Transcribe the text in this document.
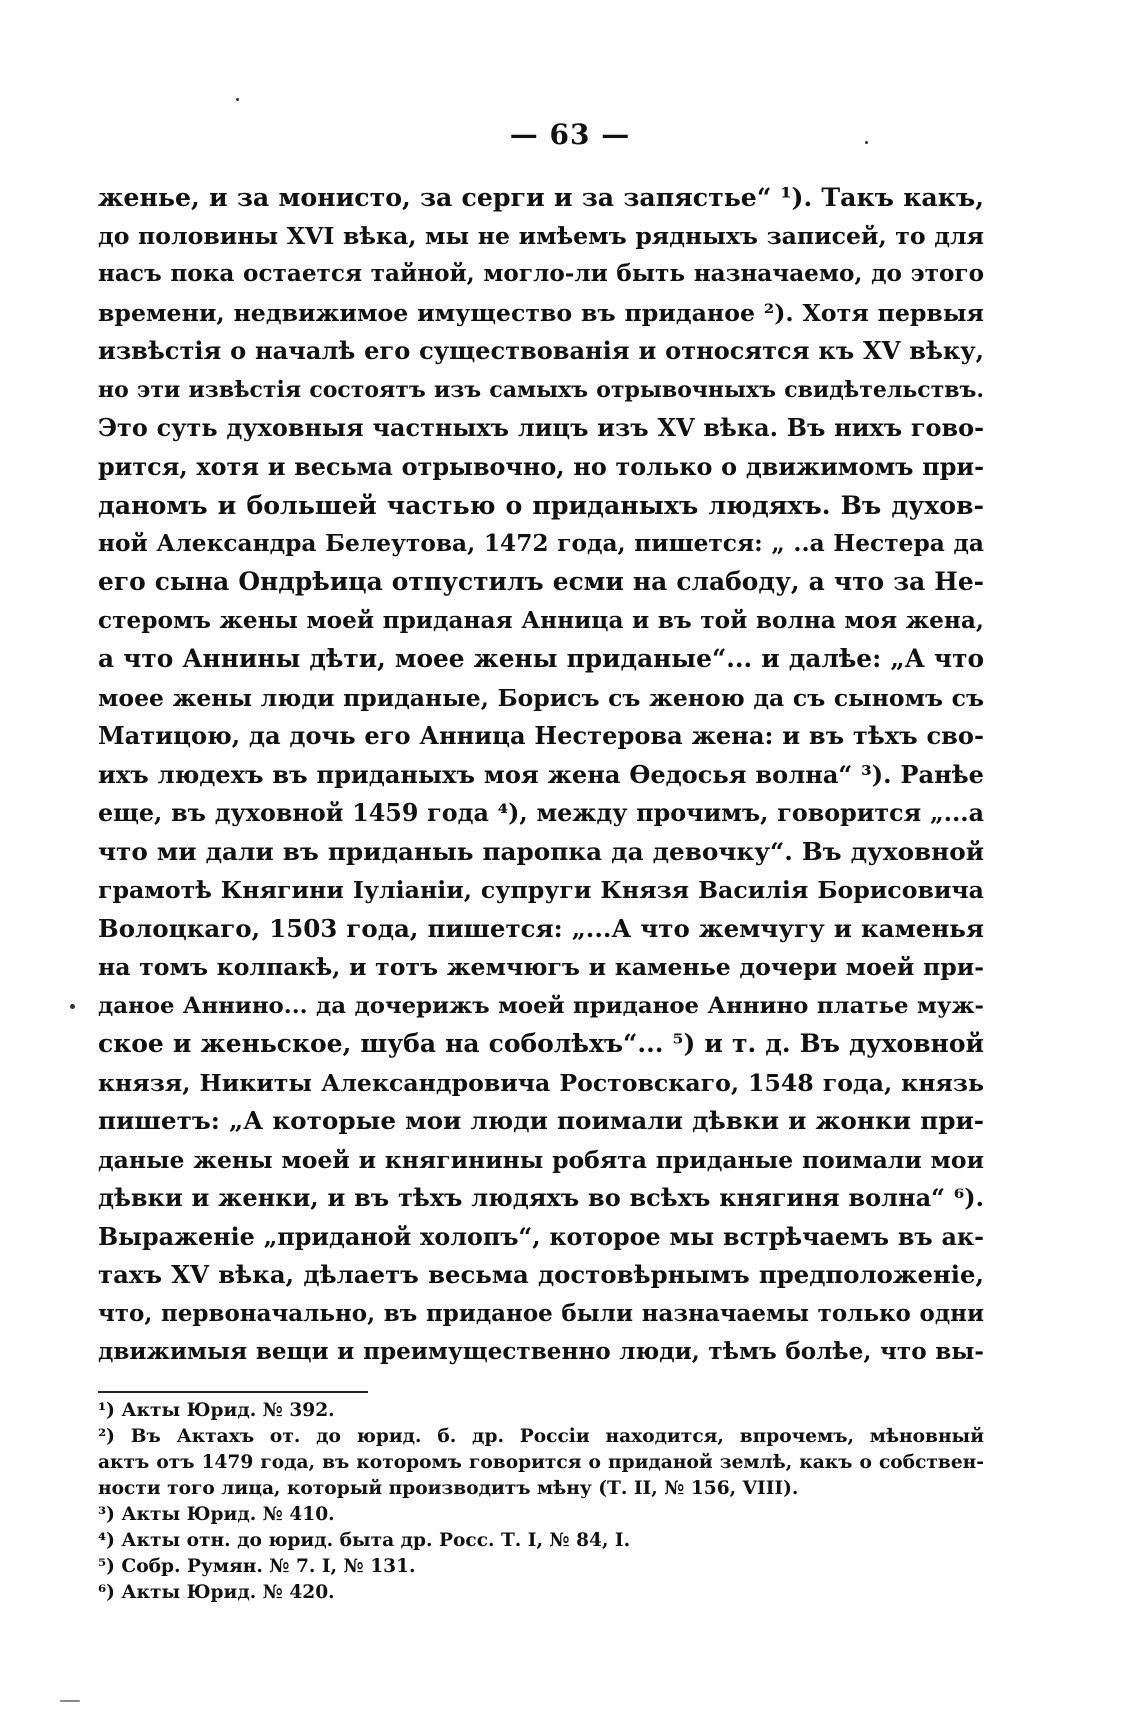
— 63 —
женье, и за монисто, за серги и за запястье“ ¹). Такъ какъ,
до половины XVI вѣка, мы не имѣемъ рядныхъ записей, то для
насъ пока остается тайной, могло-ли быть назначаемо, до этого
времени, недвижимое имущество въ приданое ²). Хотя первыя
извѣстія о началѣ его существованія и относятся къ XV вѣку,
но эти извѣстія состоятъ изъ самыхъ отрывочныхъ свидѣтельствъ.
Это суть духовныя частныхъ лицъ изъ XV вѣка. Въ нихъ гово-
рится, хотя и весьма отрывочно, но только о движимомъ при-
даномъ и большей частью о приданыхъ людяхъ. Въ духов-
ной Александра Белеутова, 1472 года, пишется: „ ..а Нестера да
его сына Ондрѣица отпустилъ есми на слабоду, а что за Не-
стеромъ жены моей приданая Анница и въ той волна моя жена,
а что Аннины дѣти, моее жены приданые“... и далѣе: „А что
моее жены люди приданые, Борисъ съ женою да съ сыномъ съ
Матицою, да дочь его Анница Нестерова жена: и въ тѣхъ сво-
ихъ людехъ въ приданыхъ моя жена Өедосья волна“ ³). Ранѣе
еще, въ духовной 1459 года ⁴), между прочимъ, говорится „...а
что ми дали въ приданыь паропка да девочку“. Въ духовной
грамотѣ Княгини Іуліаніи, супруги Князя Василія Борисовича
Волоцкаго, 1503 года, пишется: „...А что жемчугу и каменья
на томъ колпакѣ, и тотъ жемчюгъ и каменье дочери моей при-
даное Аннино... да дочерижъ моей приданое Аннино платье муж-
ское и женьское, шуба на соболѣхъ“... ⁵) и т. д. Въ духовной
князя, Никиты Александровича Ростовскаго, 1548 года, князь
пишетъ: „А которые мои люди поимали дѣвки и жонки при-
даные жены моей и княгинины робята приданые поимали мои
дѣвки и женки, и въ тѣхъ людяхъ во всѣхъ княгиня волна“ ⁶).
Выраженіе „приданой холопъ“, которое мы встрѣчаемъ въ ак-
тахъ XV вѣка, дѣлаетъ весьма достовѣрнымъ предположеніе,
что, первоначально, въ приданое были назначаемы только одни
движимыя вещи и преимущественно люди, тѣмъ болѣе, что вы-
¹) Акты Юрид. № 392.
²) Въ Актахъ от. до юрид. б. др. Россіи находится, впрочемъ, мѣновный
актъ отъ 1479 года, въ которомъ говорится о приданой землѣ, какъ о собствен-
ности того лица, который производитъ мѣну (Т. II, № 156, VIII).
³) Акты Юрид. № 410.
⁴) Акты отн. до юрид. быта др. Росс. Т. I, № 84, I.
⁵) Собр. Румян. № 7. I, № 131.
⁶) Акты Юрид. № 420.
